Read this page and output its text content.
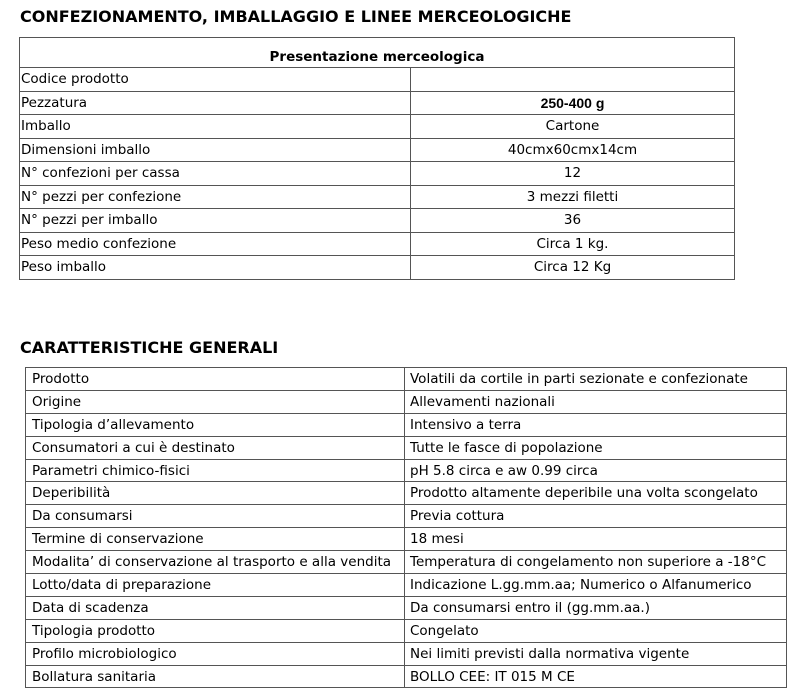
CONFEZIONAMENTO, IMBALLAGGIO E LINEE MERCEOLOGICHE
Presentazione merceologica	
Codice prodotto	
Pezzatura	250-400 g
Imballo	Cartone
Dimensioni imballo	40cmx60cmx14cm
N° confezioni per cassa	12
N° pezzi per confezione	3 mezzi filetti
N° pezzi per imballo	36
Peso medio confezione	Circa 1 kg.
Peso imballo	Circa 12 Kg
CARATTERISTICHE GENERALI
Prodotto	Volatili da cortile in parti sezionate e confezionate
Origine	Allevamenti nazionali
Tipologia d’allevamento	Intensivo a terra
Consumatori a cui è destinato	Tutte le fasce di popolazione
Parametri chimico-fisici	pH 5.8 circa e aw 0.99 circa
Deperibilità	Prodotto altamente deperibile una volta scongelato
Da consumarsi	Previa cottura
Termine di conservazione	18 mesi
Modalita’ di conservazione al trasporto e alla vendita	Temperatura di congelamento non superiore a -18°C
Lotto/data di preparazione	Indicazione L.gg.mm.aa; Numerico o Alfanumerico
Data di scadenza	Da consumarsi entro il (gg.mm.aa.)
Tipologia prodotto	Congelato
Profilo microbiologico	Nei limiti previsti dalla normativa vigente
Bollatura sanitaria	BOLLO CEE: IT 015 M CE
